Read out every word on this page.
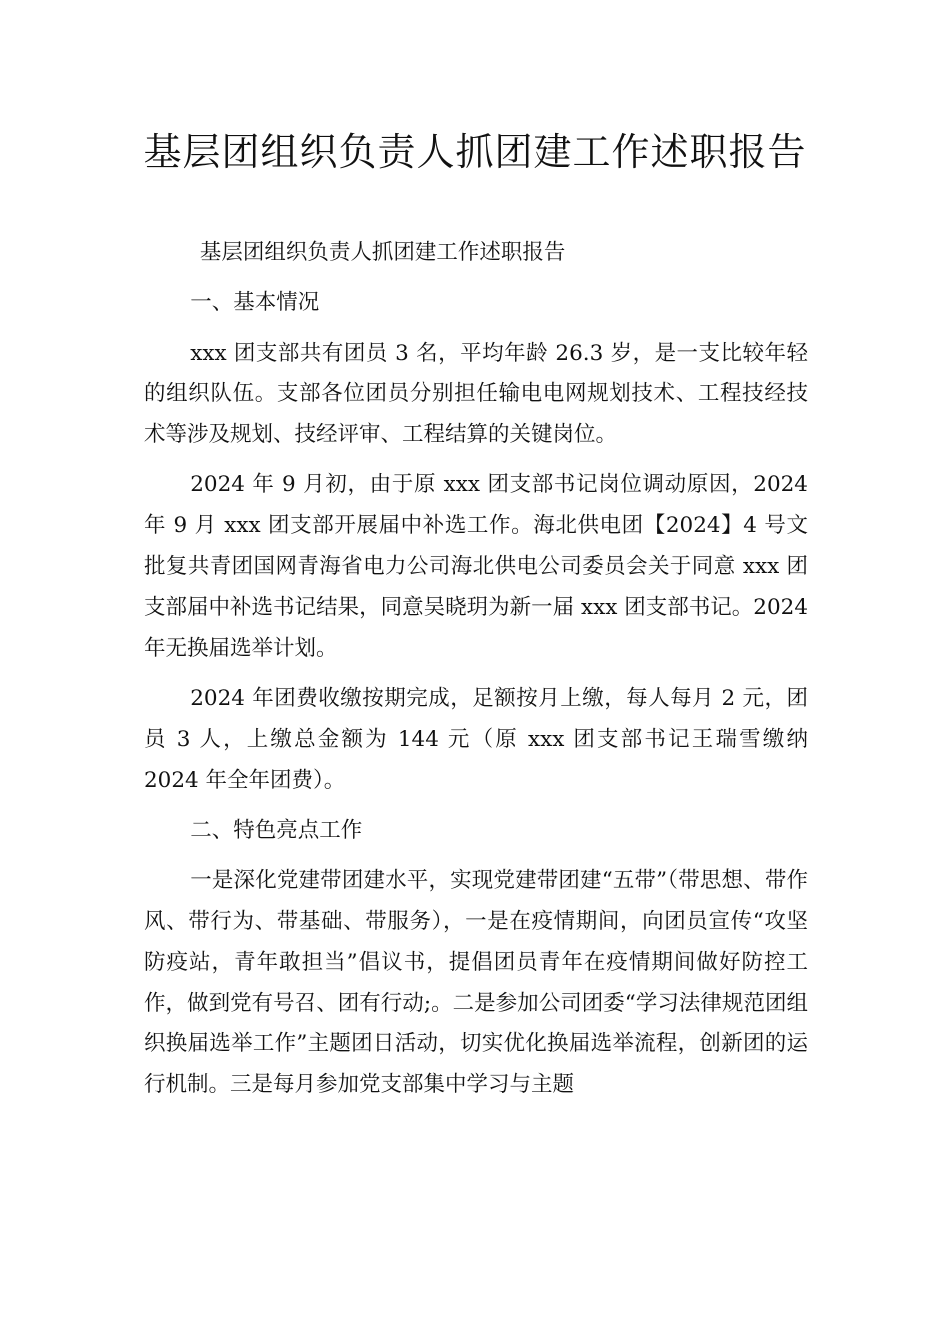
基层团组织负责人抓团建工作述职报告

基层团组织负责人抓团建工作述职报告

一、基本情况

xxx 团支部共有团员 3 名，平均年龄 26.3 岁，是一支比较年轻的组织队伍。支部各位团员分别担任输电电网规划技术、工程技经技术等涉及规划、技经评审、工程结算的关键岗位。

2024 年 9 月初，由于原 xxx 团支部书记岗位调动原因，2024 年 9 月 xxx 团支部开展届中补选工作。海北供电团【2024】4 号文批复共青团国网青海省电力公司海北供电公司委员会关于同意 xxx 团支部届中补选书记结果，同意吴晓玥为新一届 xxx 团支部书记。2024 年无换届选举计划。

2024 年团费收缴按期完成，足额按月上缴，每人每月 2 元，团员 3 人，上缴总金额为 144 元（原 xxx 团支部书记王瑞雪缴纳 2024 年全年团费）。

二、特色亮点工作

一是深化党建带团建水平，实现党建带团建“五带”（带思想、带作风、带行为、带基础、带服务），一是在疫情期间，向团员宣传“攻坚防疫站，青年敢担当”倡议书，提倡团员青年在疫情期间做好防控工作，做到党有号召、团有行动;。二是参加公司团委“学习法律规范团组织换届选举工作”主题团日活动，切实优化换届选举流程，创新团的运行机制。三是每月参加党支部集中学习与主题
